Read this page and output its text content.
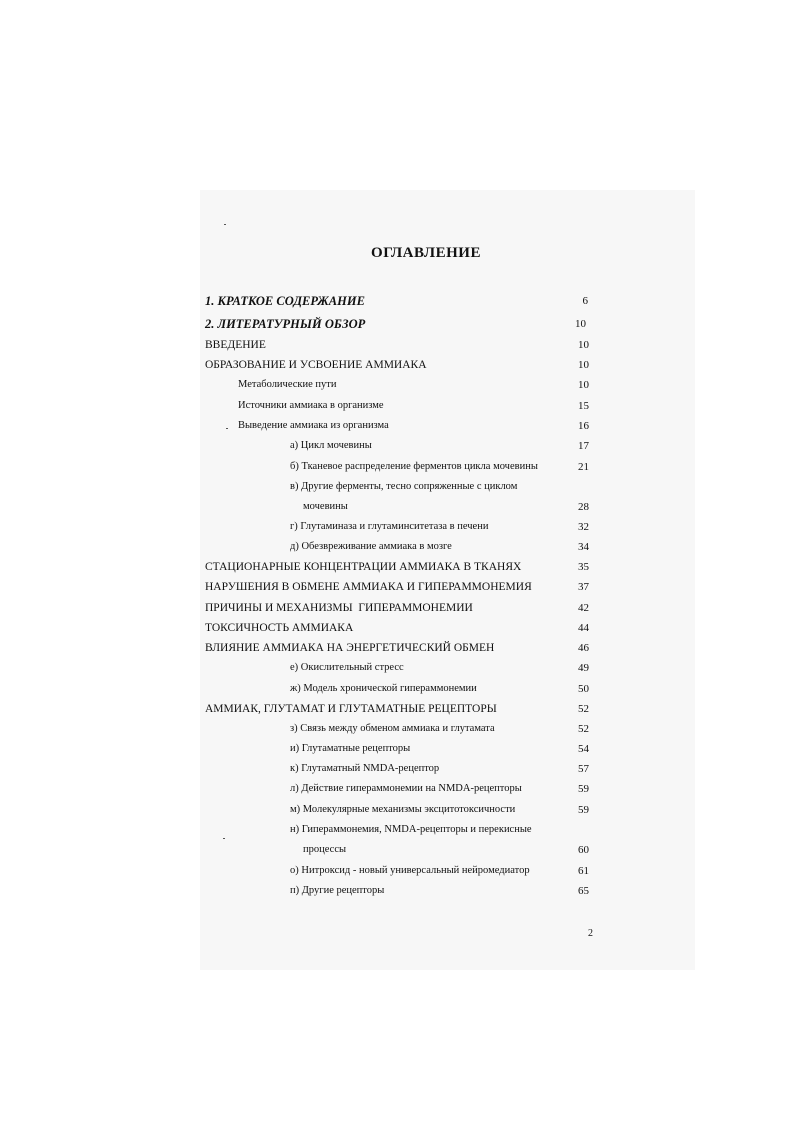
ОГЛАВЛЕНИЕ
1. КРАТКОЕ СОДЕРЖАНИЕ	6
2. ЛИТЕРАТУРНЫЙ ОБЗОР	10
ВВЕДЕНИЕ	10
ОБРАЗОВАНИЕ И УСВОЕНИЕ АММИАКА	10
Метаболические пути	10
Источники аммиака в организме	15
Выведение аммиака из организма	16
а) Цикл мочевины	17
б) Тканевое распределение ферментов цикла мочевины	21
в) Другие ферменты, тесно сопряженные с циклом
мочевины	28
г) Глутаминаза и глутаминситетаза в печени	32
д) Обезвреживание аммиака в мозге	34
СТАЦИОНАРНЫЕ КОНЦЕНТРАЦИИ АММИАКА В ТКАНЯХ	35
НАРУШЕНИЯ В ОБМЕНЕ АММИАКА И ГИПЕРАММОНЕМИЯ	37
ПРИЧИНЫ И МЕХАНИЗМЫ  ГИПЕРАММОНЕМИИ	42
ТОКСИЧНОСТЬ АММИАКА	44
ВЛИЯНИЕ АММИАКА НА ЭНЕРГЕТИЧЕСКИЙ ОБМЕН	46
е) Окислительный стресс	49
ж) Модель хронической гипераммонемии	50
АММИАК, ГЛУТАМАТ И ГЛУТАМАТНЫЕ РЕЦЕПТОРЫ	52
з) Связь между обменом аммиака и глутамата	52
и) Глутаматные рецепторы	54
к) Глутаматный NMDA-рецептор	57
л) Действие гипераммонемии на NMDA-рецепторы	59
м) Молекулярные механизмы эксцитотоксичности	59
н) Гипераммонемия, NMDA-рецепторы и перекисные
процессы	60
о) Нитроксид - новый универсальный нейромедиатор	61
п) Другие рецепторы	65
2
